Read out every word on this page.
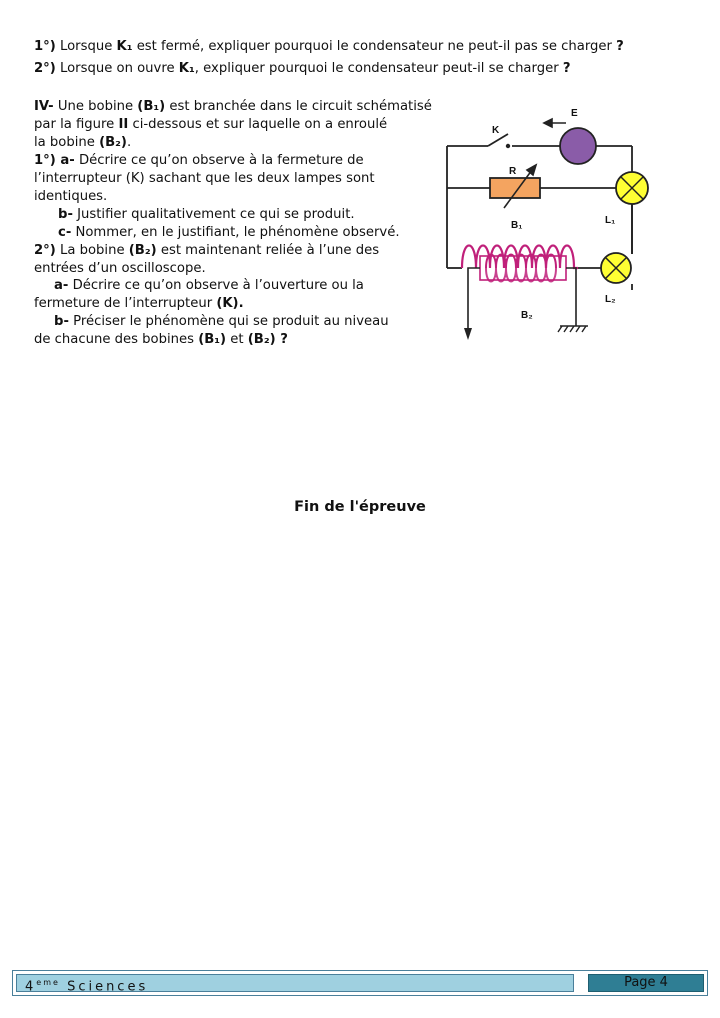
1°) Lorsque K₁ est fermé, expliquer pourquoi le condensateur ne peut-il pas se charger ?
2°) Lorsque on ouvre K₁, expliquer pourquoi le condensateur peut-il se charger ?
IV- Une bobine (B₁) est branchée dans le circuit schématisé
par la figure II ci-dessous et sur laquelle on a enroulé
la bobine (B₂).
1°) a- Décrire ce qu’on observe à la fermeture de
l’interrupteur (K) sachant que les deux lampes sont
identiques.
b- Justifier qualitativement ce qui se produit.
c- Nommer, en le justifiant, le phénomène observé.
2°) La bobine (B₂) est maintenant reliée à l’une des
entrées d’un oscilloscope.
a- Décrire ce qu’on observe à l’ouverture ou la
fermeture de l’interrupteur (K).
b- Préciser le phénomène qui se produit au niveau
de chacune des bobines (B₁) et (B₂) ?
E
K
R
B₁	L₁
B₂
L₂
Fin de l'épreuve
4eme Sciences	Page 4
